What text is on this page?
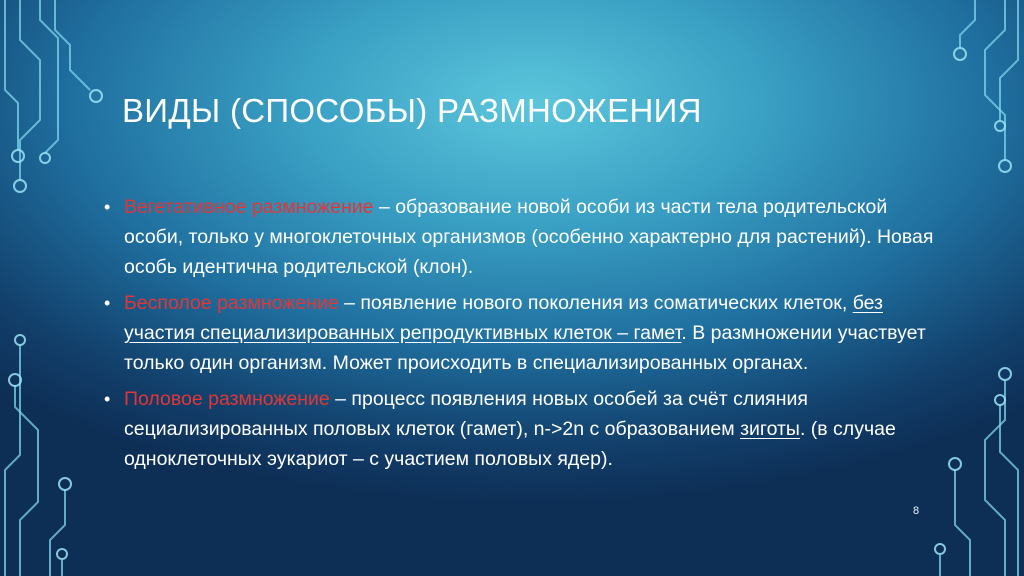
ВИДЫ (СПОСОБЫ) РАЗМНОЖЕНИЯ
• Вегетативное размножение – образование новой особи из части тела родительской особи, только у многоклеточных организмов (особенно характерно для растений). Новая особь идентична родительской (клон).
• Бесполое размножение – появление нового поколения из соматических клеток, без участия специализированных репродуктивных клеток – гамет. В размножении участвует только один организм. Может происходить в специализированных органах.
• Половое размножение – процесс появления новых особей за счёт слияния сециализированных половых клеток (гамет), n->2n с образованием зиготы. (в случае одноклеточных эукариот – с участием половых ядер).
8
